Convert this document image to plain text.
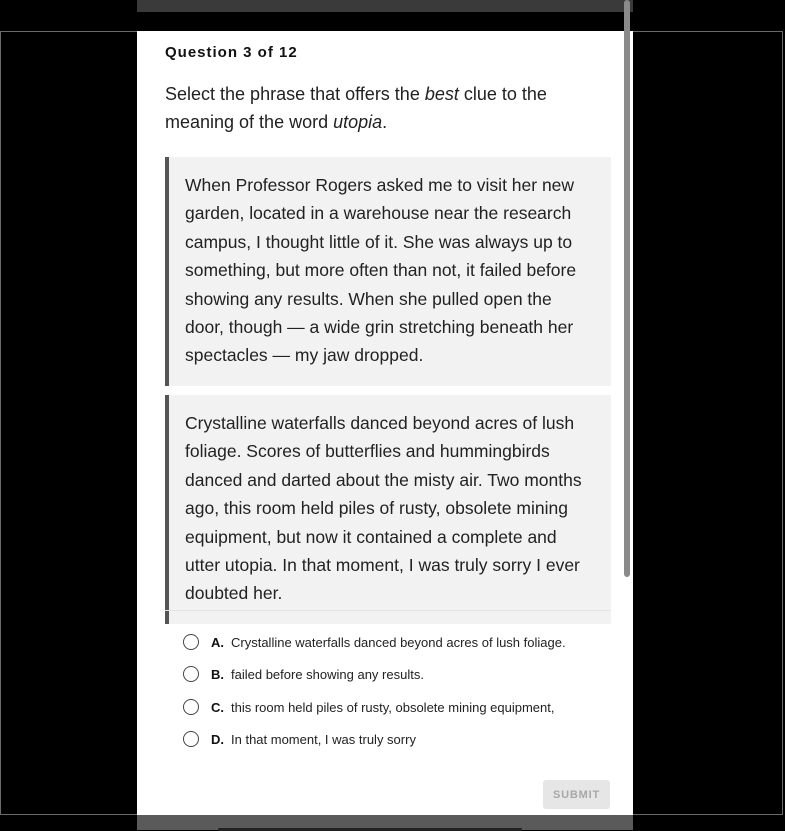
Question 3 of 12
Select the phrase that offers the best clue to the meaning of the word utopia.
When Professor Rogers asked me to visit her new garden, located in a warehouse near the research campus, I thought little of it. She was always up to something, but more often than not, it failed before showing any results. When she pulled open the door, though — a wide grin stretching beneath her spectacles — my jaw dropped.
Crystalline waterfalls danced beyond acres of lush foliage. Scores of butterflies and hummingbirds danced and darted about the misty air. Two months ago, this room held piles of rusty, obsolete mining equipment, but now it contained a complete and utter utopia. In that moment, I was truly sorry I ever doubted her.
A. Crystalline waterfalls danced beyond acres of lush foliage.
B. failed before showing any results.
C. this room held piles of rusty, obsolete mining equipment,
D. In that moment, I was truly sorry
SUBMIT
